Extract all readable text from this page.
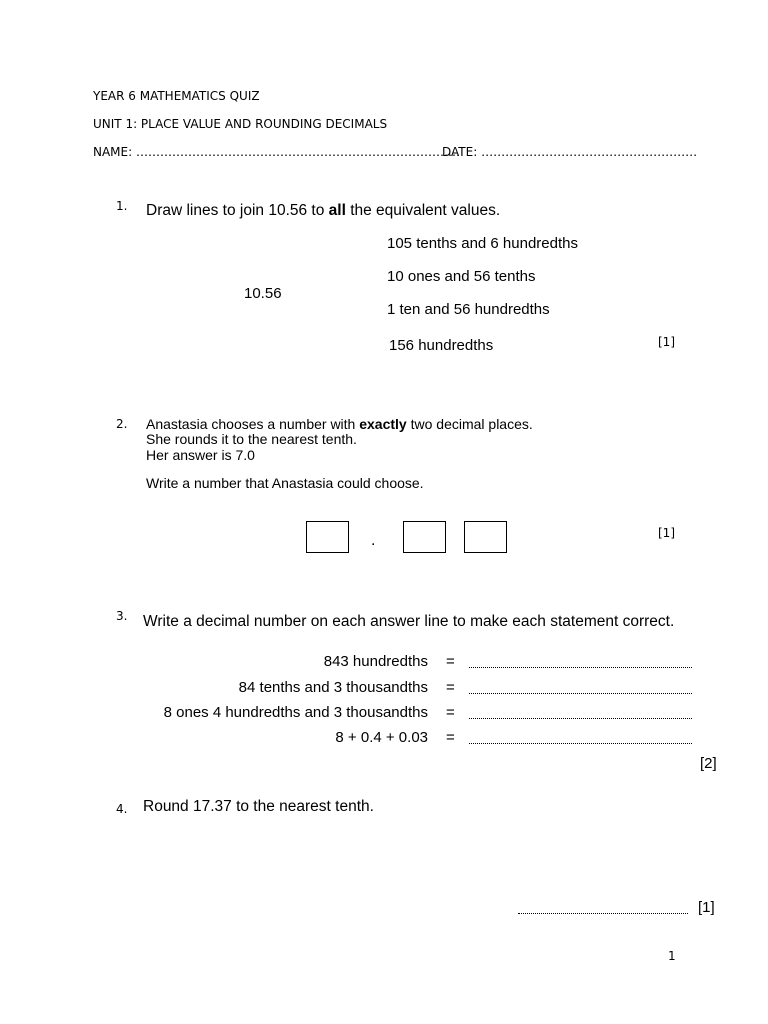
YEAR 6 MATHEMATICS QUIZ
UNIT 1: PLACE VALUE AND ROUNDING DECIMALS
NAME: ………………………………………………………………………
DATE: ………………………………………………
1. Draw lines to join 10.56 to all the equivalent values.
10.56
105 tenths and 6 hundredths
10 ones and 56 tenths
1 ten and 56 hundredths
156 hundredths	[1]
2. Anastasia chooses a number with exactly two decimal places.
She rounds it to the nearest tenth.
Her answer is 7.0
Write a number that Anastasia could choose.
.	[1]
3. Write a decimal number on each answer line to make each statement correct.
843 hundredths =
84 tenths and 3 thousandths =
8 ones 4 hundredths and 3 thousandths =
8 + 0.4 + 0.03 =
[2]
4. Round 17.37 to the nearest tenth.
[1]
1
